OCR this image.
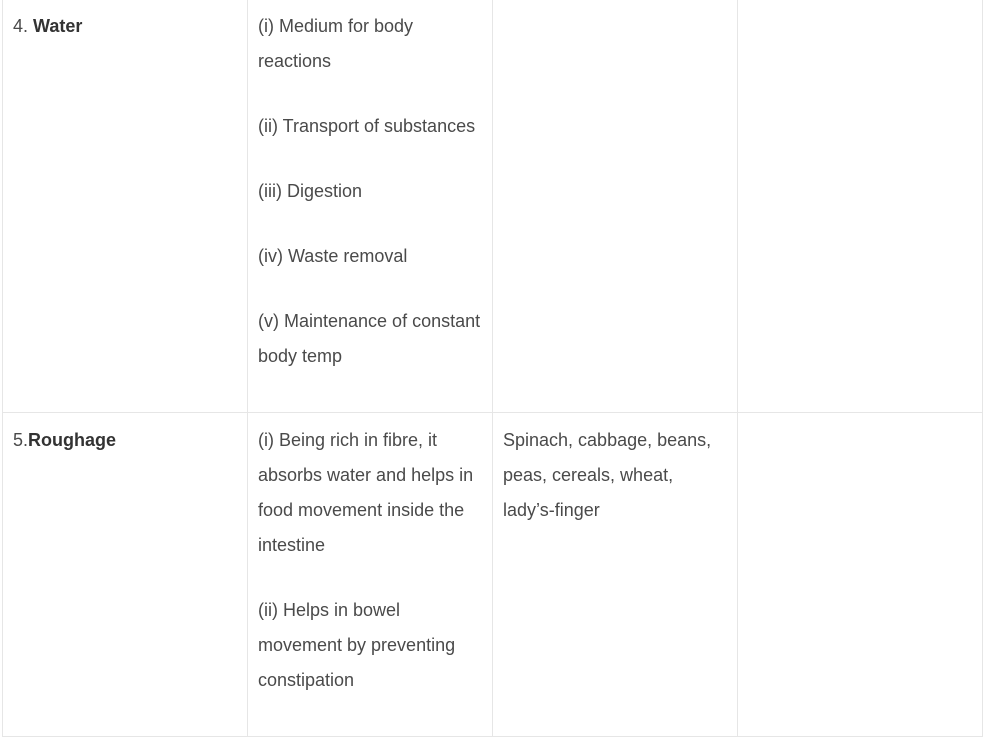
4. Water	(i) Medium for body reactions
(ii) Transport of substances
(iii) Digestion
(iv) Waste removal
(v) Maintenance of constant body temp		

5.Roughage	(i) Being rich in fibre, it absorbs water and helps in food movement inside the intestine
(ii) Helps in bowel movement by preventing constipation	Spinach, cabbage, beans, peas, cereals, wheat, lady’s-finger	
